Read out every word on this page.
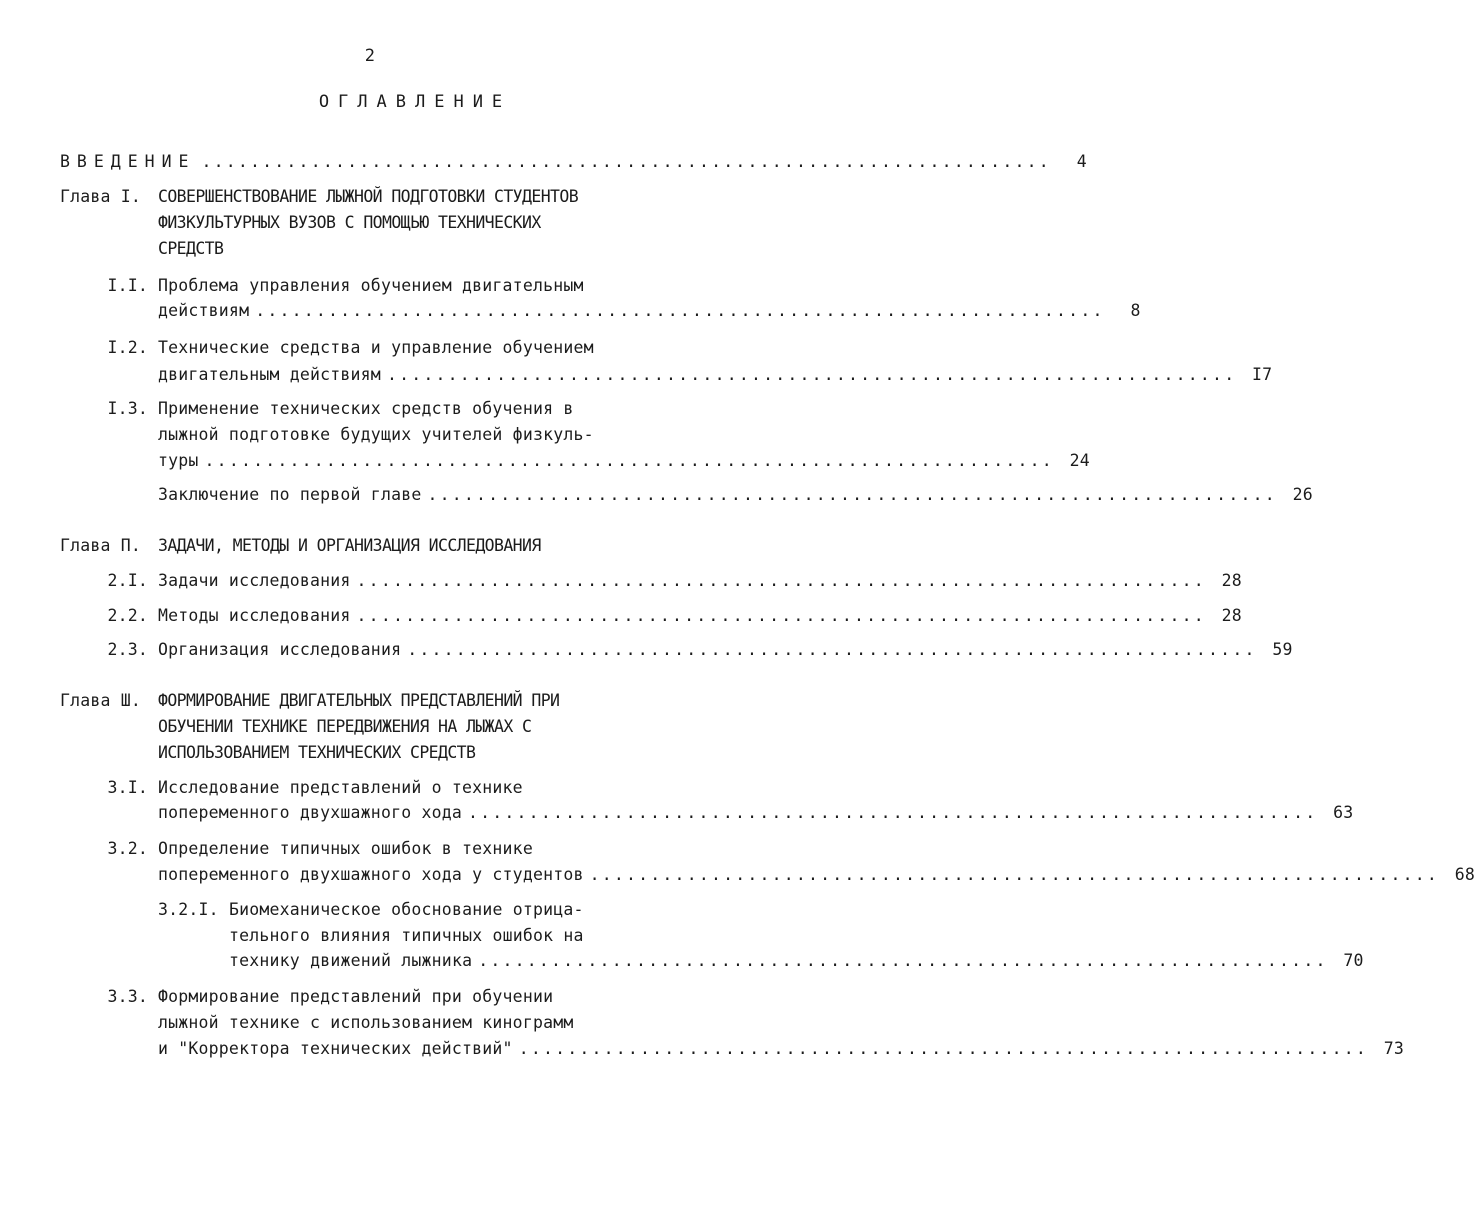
2
ОГЛАВЛЕНИЕ
ВВЕДЕНИЕ ......................................................................	4
Глава I. СОВЕРШЕНСТВОВАНИЕ ЛЫЖНОЙ ПОДГОТОВКИ СТУДЕНТОВ
ФИЗКУЛЬТУРНЫХ ВУЗОВ С ПОМОЩЬЮ ТЕХНИЧЕСКИХ
СРЕДСТВ
I.I. Проблема управления обучением двигательным
действиям ......................................................................	8
I.2. Технические средства и управление обучением
двигательным действиям ...................................................................... I7
I.3. Применение технических средств обучения в
лыжной подготовке будущих учителей физкуль-
туры ...................................................................... 24
Заключение по первой главе ...................................................................... 26
Глава П. ЗАДАЧИ, МЕТОДЫ И ОРГАНИЗАЦИЯ ИССЛЕДОВАНИЯ
2.I. Задачи исследования ...................................................................... 28
2.2. Методы исследования ...................................................................... 28
2.3. Организация исследования ...................................................................... 59
Глава Ш. ФОРМИРОВАНИЕ ДВИГАТЕЛЬНЫХ ПРЕДСТАВЛЕНИЙ ПРИ
ОБУЧЕНИИ ТЕХНИКЕ ПЕРЕДВИЖЕНИЯ НА ЛЫЖАХ С
ИСПОЛЬЗОВАНИЕМ ТЕХНИЧЕСКИХ СРЕДСТВ
3.I. Исследование представлений о технике
попеременного двухшажного хода ...................................................................... 63
3.2. Определение типичных ошибок в технике
попеременного двухшажного хода у студентов ...................................................................... 68
3.2.I. Биомеханическое обоснование отрица-
тельного влияния типичных ошибок на
технику движений лыжника ...................................................................... 70
3.3. Формирование представлений при обучении
лыжной технике с использованием кинограмм
и "Корректора технических действий" ...................................................................... 73
